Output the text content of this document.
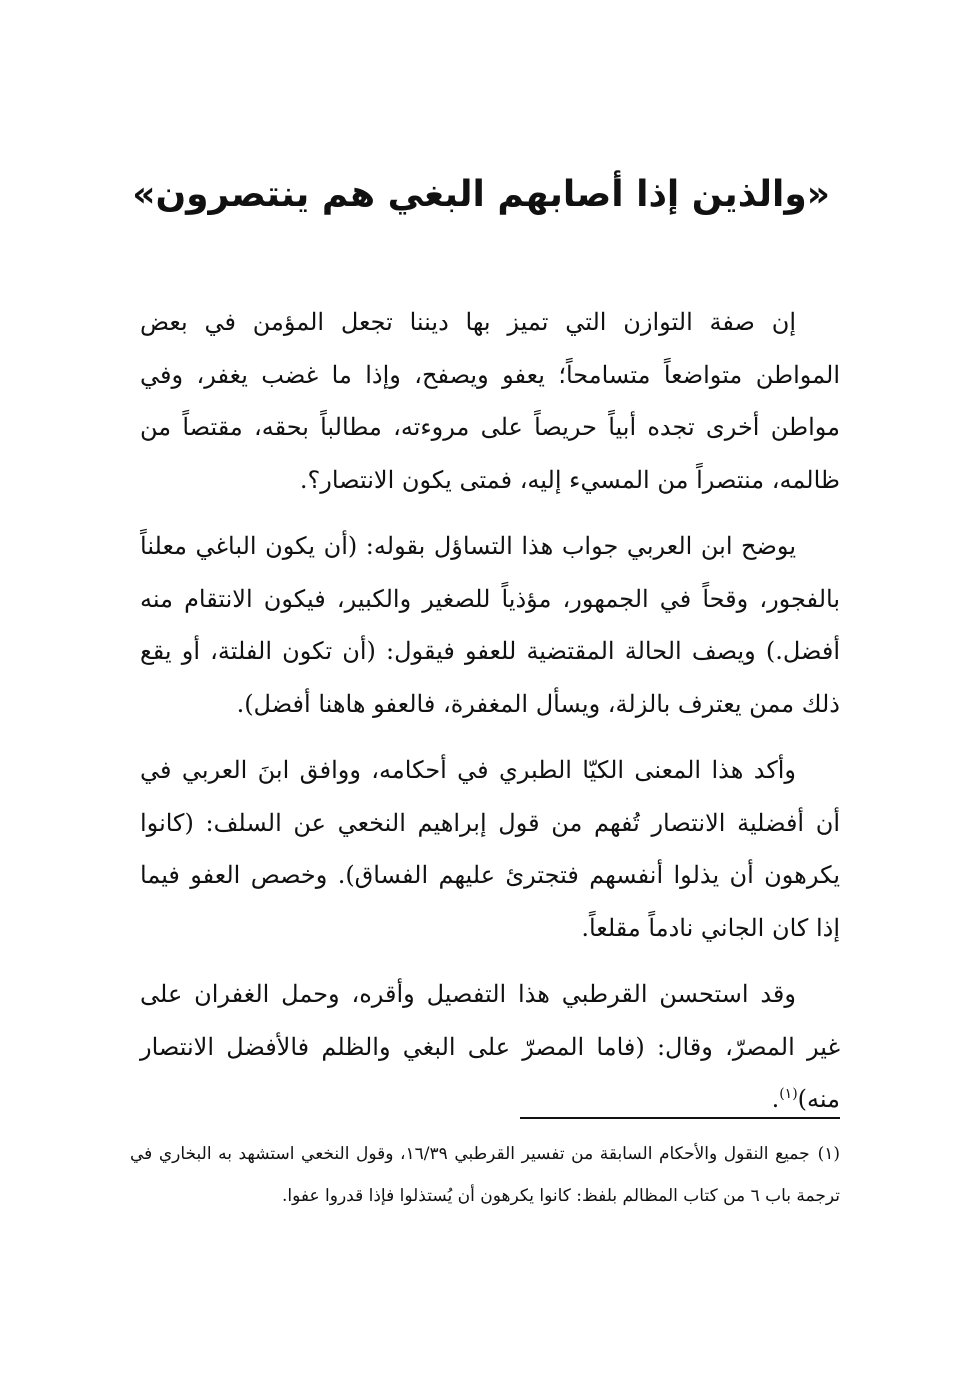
«والذين إذا أصابهم البغي هم ينتصرون»

إن صفة التوازن التي تميز بها ديننا تجعل المؤمن في بعض المواطن متواضعاً متسامحاً؛ يعفو ويصفح، وإذا ما غضب يغفر، وفي مواطن أخرى تجده أبياً حريصاً على مروءته، مطالباً بحقه، مقتصاً من ظالمه، منتصراً من المسيء إليه، فمتى يكون الانتصار؟.

يوضح ابن العربي جواب هذا التساؤل بقوله: (أن يكون الباغي معلناً بالفجور، وقحاً في الجمهور، مؤذياً للصغير والكبير، فيكون الانتقام منه أفضل.) ويصف الحالة المقتضية للعفو فيقول: (أن تكون الفلتة، أو يقع ذلك ممن يعترف بالزلة، ويسأل المغفرة، فالعفو هاهنا أفضل).

وأكد هذا المعنى الكيّا الطبري في أحكامه، ووافق ابنَ العربي في أن أفضلية الانتصار تُفهم من قول إبراهيم النخعي عن السلف: (كانوا يكرهون أن يذلوا أنفسهم فتجترئ عليهم الفساق). وخصص العفو فيما إذا كان الجاني نادماً مقلعاً.

وقد استحسن القرطبي هذا التفصيل وأقره، وحمل الغفران على غير المصرّ، وقال: (فاما المصرّ على البغي والظلم فالأفضل الانتصار منه)$^{(١)}$.

(١)جميع النقول والأحكام السابقة من تفسير القرطبي ١٦/٣٩، وقول النخعي استشهد به البخاري في ترجمة باب ٦ من كتاب المظالم بلفظ: كانوا يكرهون أن يُستذلوا فإذا قدروا عفوا.
